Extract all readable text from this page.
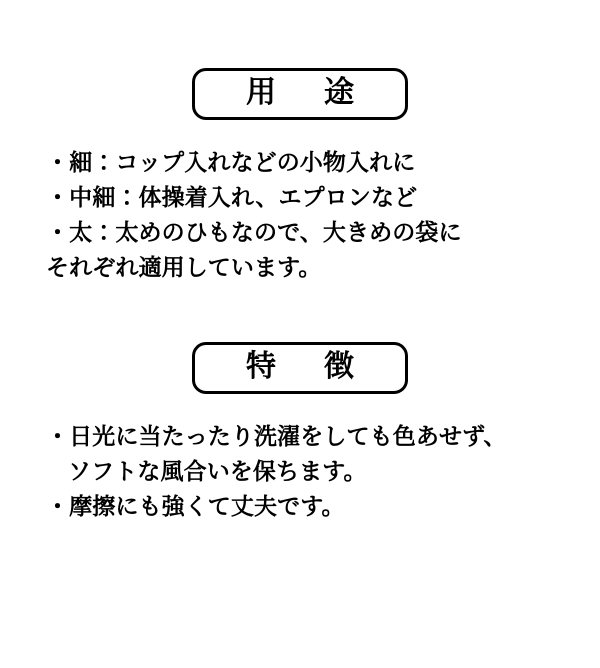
用　途
・細：コップ入れなどの小物入れに
・中細：体操着入れ、エプロンなど
・太：太めのひもなので、大きめの袋に
それぞれ適用しています。
特　徴
・日光に当たったり洗濯をしても色あせず、
ソフトな風合いを保ちます。
・摩擦にも強くて丈夫です。
